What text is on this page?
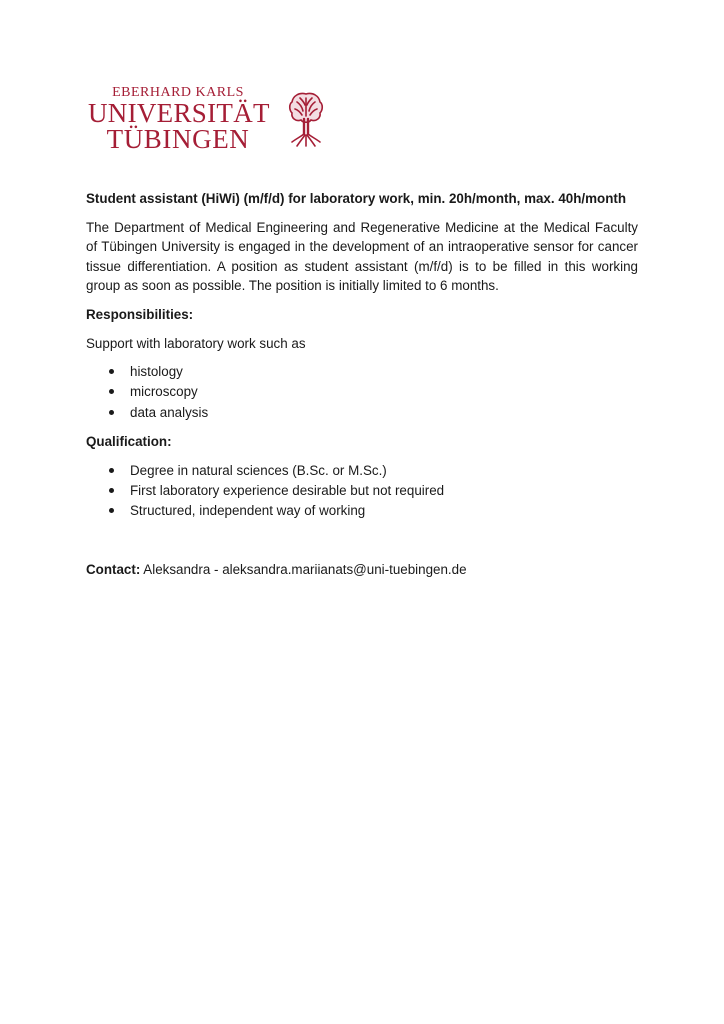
EBERHARD KARLS
UNIVERSITÄT
TÜBINGEN

Student assistant (HiWi) (m/f/d) for laboratory work, min. 20h/month, max. 40h/month

The Department of Medical Engineering and Regenerative Medicine at the Medical Faculty of Tübingen University is engaged in the development of an intraoperative sensor for cancer tissue differentiation. A position as student assistant (m/f/d) is to be filled in this working group as soon as possible. The position is initially limited to 6 months.

Responsibilities:

Support with laboratory work such as

histology
microscopy
data analysis

Qualification:

Degree in natural sciences (B.Sc. or M.Sc.)
First laboratory experience desirable but not required
Structured, independent way of working

Contact: Aleksandra - aleksandra.mariianats@uni-tuebingen.de
